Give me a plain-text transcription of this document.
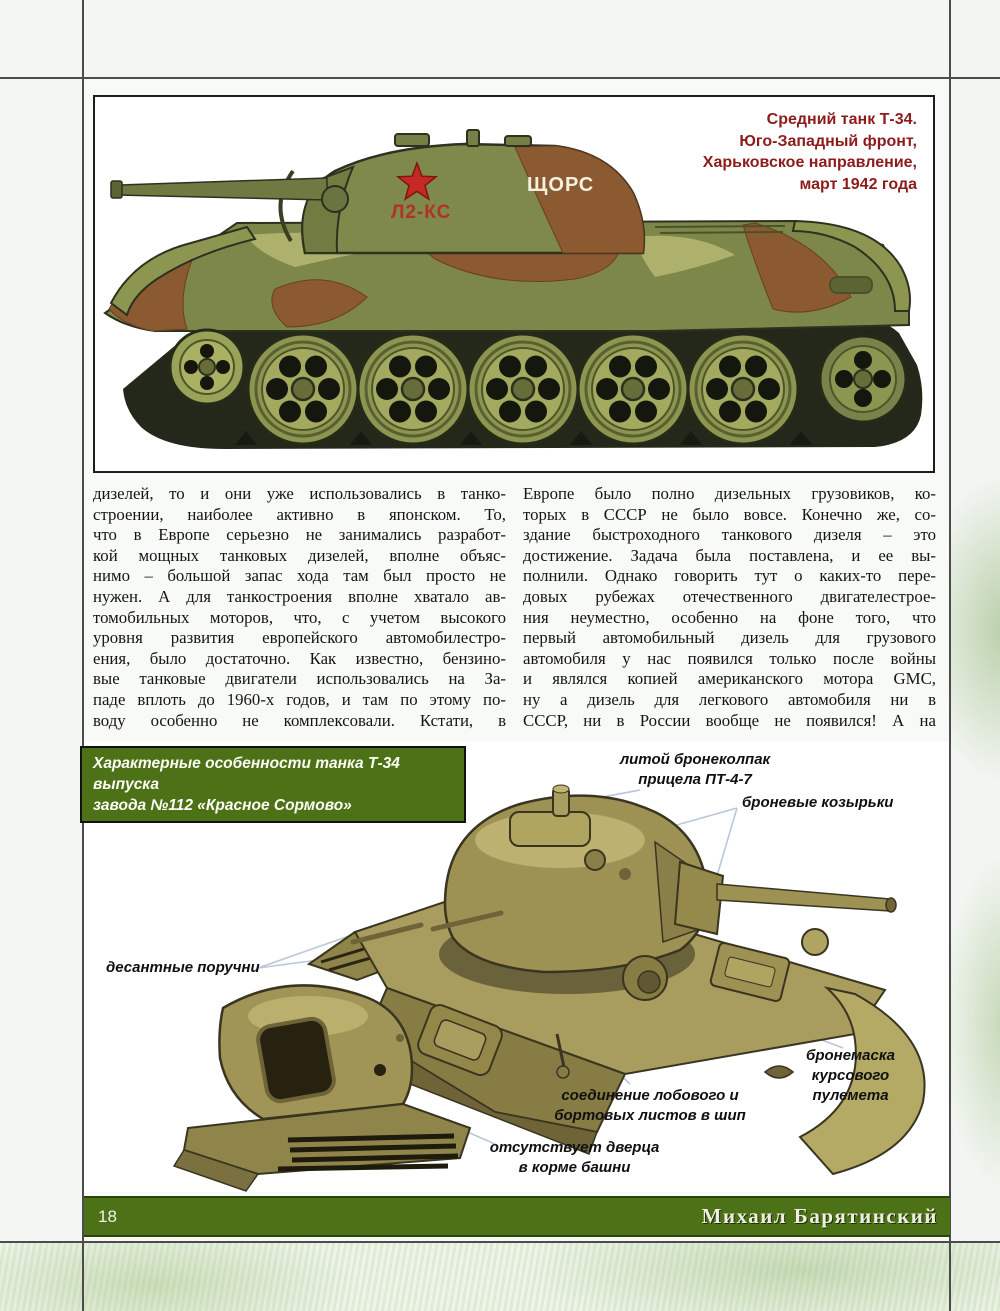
Средний танк Т-34.
Юго-Западный фронт,
Харьковское направление,
март 1942 года
Л2-КС
ЩОРС
дизелей, то и они уже использовались в танко-
строении, наиболее активно в японском. То,
что в Европе серьезно не занимались разработ-
кой мощных танковых дизелей, вполне объяс-
нимо – большой запас хода там был просто не
нужен. А для танкостроения вполне хватало ав-
томобильных моторов, что, с учетом высокого
уровня развития европейского автомобилестро-
ения, было достаточно. Как известно, бензино-
вые танковые двигатели использовались на За-
паде вплоть до 1960-х годов, и там по этому по-
воду особенно не комплексовали. Кстати, в
Европе было полно дизельных грузовиков, ко-
торых в СССР не было вовсе. Конечно же, со-
здание быстроходного танкового дизеля – это
достижение. Задача была поставлена, и ее вы-
полнили. Однако говорить тут о каких-то пере-
довых рубежах отечественного двигателестрое-
ния неуместно, особенно на фоне того, что
первый автомобильный дизель для грузового
автомобиля у нас появился только после войны
и являлся копией американского мотора GMC,
ну а дизель для легкового автомобиля ни в
СССР, ни в России вообще не появился! А на
Характерные особенности танка Т-34 выпуска
завода №112 «Красное Сормово»
литой бронеколпак
прицела ПТ-4-7
броневые козырьки
десантные поручни
соединение лобового и
бортовых листов в шип
отсутствует дверца
в корме башни
бронемаска
курсового
пулемета
18	Михаил Барятинский
